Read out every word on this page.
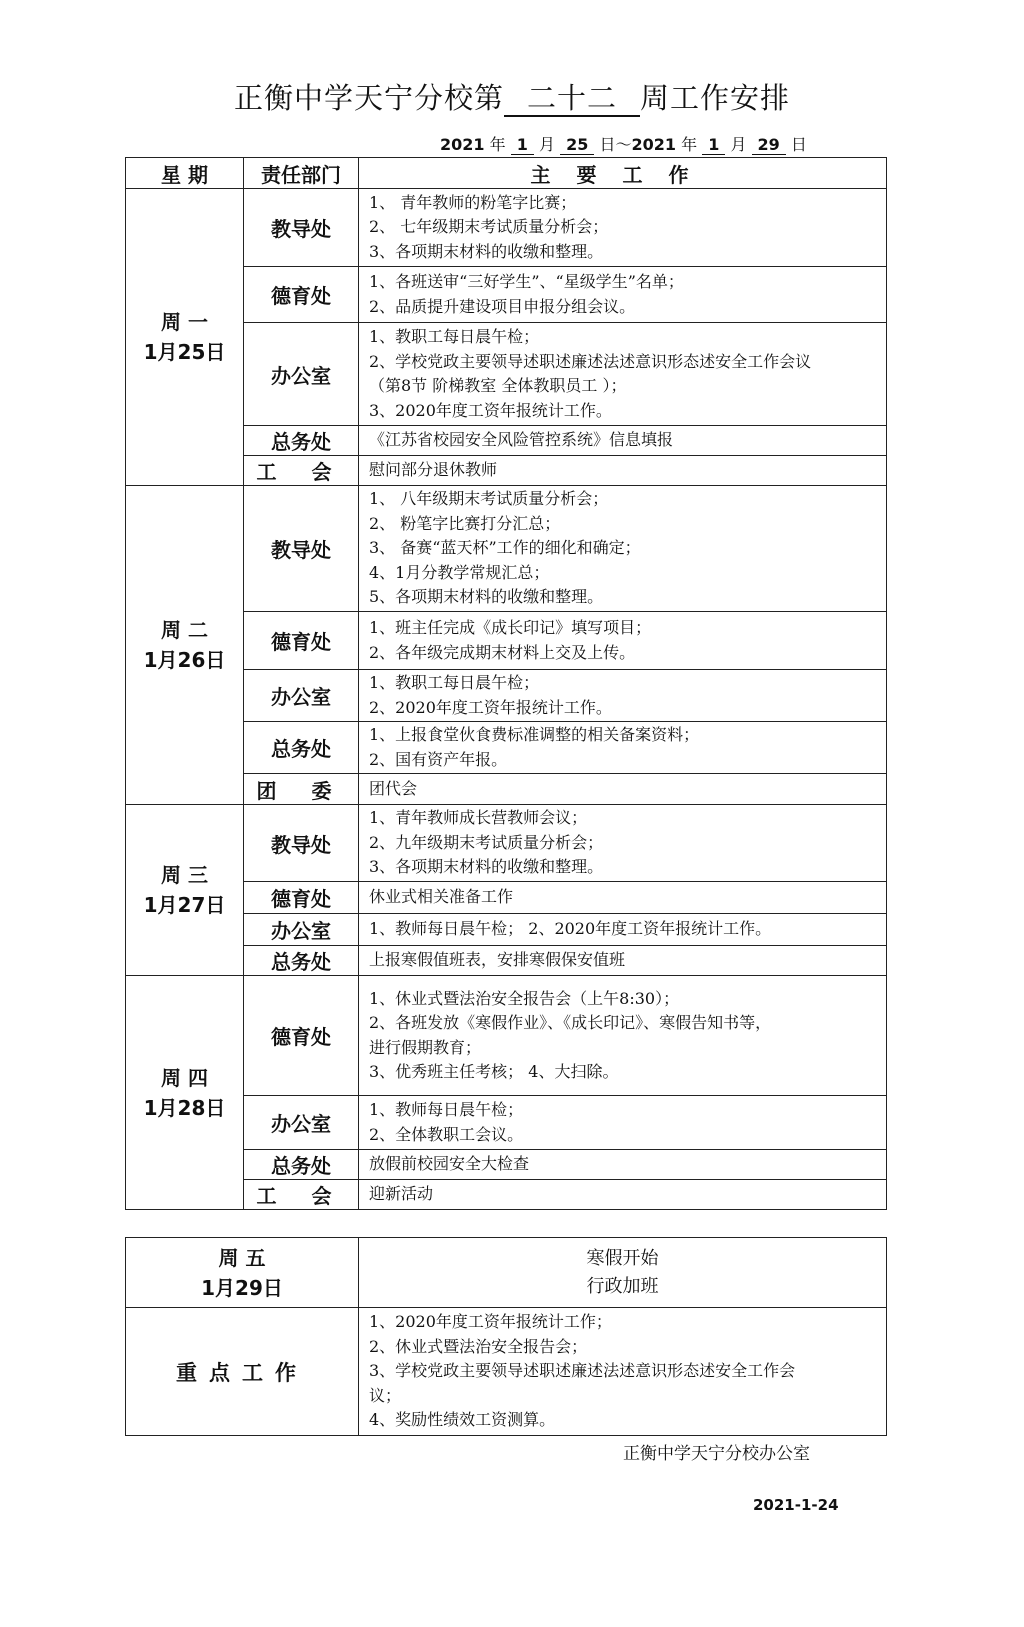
正衡中学天宁分校第 二十二 周工作安排
2021 年 1 月 25 日～2021 年 1 月 29 日
星 期	责任部门	主要工作

周 一
1月25日	教导处	1、 青年教师的粉笔字比赛；
2、 七年级期末考试质量分析会；
3、各项期末材料的收缴和整理。

	德育处	1、各班送审“三好学生”、“星级学生”名单；
2、品质提升建设项目申报分组会议。

	办公室	1、教职工每日晨午检；
2、学校党政主要领导述职述廉述法述意识形态述安全工作会议
（第8节 阶梯教室 全体教职员工 ）；
3、2020年度工资年报统计工作。

	总务处	《江苏省校园安全风险管控系统》信息填报

	工 会	慰问部分退休教师

周 二
1月26日	教导处	1、 八年级期末考试质量分析会；
2、 粉笔字比赛打分汇总；
3、 备赛“蓝天杯”工作的细化和确定；
4、1月分教学常规汇总；
5、各项期末材料的收缴和整理。

	德育处	1、班主任完成《成长印记》填写项目；
2、各年级完成期末材料上交及上传。

	办公室	1、教职工每日晨午检；
2、2020年度工资年报统计工作。

	总务处	1、上报食堂伙食费标准调整的相关备案资料；
2、国有资产年报。

	团 委	团代会

周 三
1月27日	教导处	1、青年教师成长营教师会议；
2、九年级期末考试质量分析会；
3、各项期末材料的收缴和整理。

	德育处	休业式相关准备工作

	办公室	1、教师每日晨午检； 2、2020年度工资年报统计工作。

	总务处	上报寒假值班表，安排寒假保安值班

周 四
1月28日	德育处	1、休业式暨法治安全报告会（上午8:30）；
2、各班发放《寒假作业》、《成长印记》、寒假告知书等，
进行假期教育；
3、优秀班主任考核； 4、大扫除。

	办公室	1、教师每日晨午检；
2、全体教职工会议。

	总务处	放假前校园安全大检查

	工 会	迎新活动
周 五
1月29日	寒假开始
行政加班

重点工作	1、2020年度工资年报统计工作；
2、休业式暨法治安全报告会；
3、学校党政主要领导述职述廉述法述意识形态述安全工作会
议；
4、奖励性绩效工资测算。
正衡中学天宁分校办公室
2021-1-24
